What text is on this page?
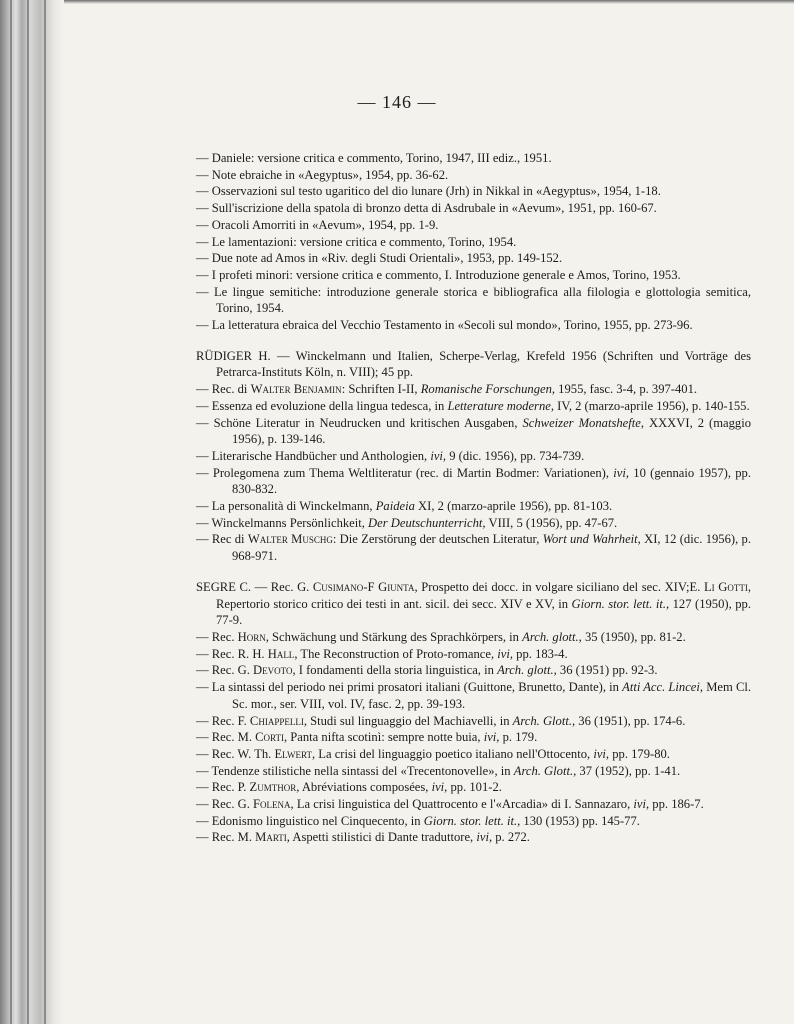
— 146 —
— Daniele: versione critica e commento, Torino, 1947, III ediz., 1951.
— Note ebraiche in «Aegyptus», 1954, pp. 36-62.
— Osservazioni sul testo ugaritico del dio lunare (Jrh) in Nikkal in «Aegyptus», 1954, 1-18.
— Sull'iscrizione della spatola di bronzo detta di Asdrubale in «Aevum», 1951, pp. 160-67.
— Oracoli Amorriti in «Aevum», 1954, pp. 1-9.
— Le lamentazioni: versione critica e commento, Torino, 1954.
— Due note ad Amos in «Riv. degli Studi Orientali», 1953, pp. 149-152.
— I profeti minori: versione critica e commento, I. Introduzione generale e Amos, Torino, 1953.
— Le lingue semitiche: introduzione generale storica e bibliografica alla filologia e glottologia semitica, Torino, 1954.
— La letteratura ebraica del Vecchio Testamento in «Secoli sul mondo», Torino, 1955, pp. 273-96.
RÜDIGER H. — Winckelmann und Italien, Scherpe-Verlag, Krefeld 1956 (Schriften und Vorträge des Petrarca-Instituts Köln, n. VIII); 45 pp.
— Rec. di Walter Benjamin: Schriften I-II, Romanische Forschungen, 1955, fasc. 3-4, p. 397-401.
— Essenza ed evoluzione della lingua tedesca, in Letterature moderne, IV, 2 (marzo-aprile 1956), p. 140-155.
— Schöne Literatur in Neudrucken und kritischen Ausgaben, Schweizer Monatshefte, XXXVI, 2 (maggio 1956), p. 139-146.
— Literarische Handbücher und Anthologien, ivi, 9 (dic. 1956), pp. 734-739.
— Prolegomena zum Thema Weltliteratur (rec. di Martin Bodmer: Variationen), ivi, 10 (gennaio 1957), pp. 830-832.
— La personalità di Winckelmann, Paideia XI, 2 (marzo-aprile 1956), pp. 81-103.
— Winckelmanns Persönlichkeit, Der Deutschunterricht, VIII, 5 (1956), pp. 47-67.
— Rec di Walter Muschg: Die Zerstörung der deutschen Literatur, Wort und Wahrheit, XI, 12 (dic. 1956), p. 968-971.
SEGRE C. — Rec. G. Cusimano-F Giunta, Prospetto dei docc. in volgare siciliano del sec. XIV;E. Li Gotti, Repertorio storico critico dei testi in ant. sicil. dei secc. XIV e XV, in Giorn. stor. lett. it., 127 (1950), pp. 77-9.
— Rec. Horn, Schwächung und Stärkung des Sprachkörpers, in Arch. glott., 35 (1950), pp. 81-2.
— Rec. R. H. Hall, The Reconstruction of Proto-romance, ivi, pp. 183-4.
— Rec. G. Devoto, I fondamenti della storia linguistica, in Arch. glott., 36 (1951) pp. 92-3.
— La sintassi del periodo nei primi prosatori italiani (Guittone, Brunetto, Dante), in Atti Acc. Lincei, Mem Cl. Sc. mor., ser. VIII, vol. IV, fasc. 2, pp. 39-193.
— Rec. F. Chiappelli, Studi sul linguaggio del Machiavelli, in Arch. Glott., 36 (1951), pp. 174-6.
— Rec. M. Corti, Panta nifta scotinì: sempre notte buia, ivi, p. 179.
— Rec. W. Th. Elwert, La crisi del linguaggio poetico italiano nell'Ottocento, ivi, pp. 179-80.
— Tendenze stilistiche nella sintassi del «Trecentonovelle», in Arch. Glott., 37 (1952), pp. 1-41.
— Rec. P. Zumthor, Abréviations composées, ivi, pp. 101-2.
— Rec. G. Folena, La crisi linguistica del Quattrocento e l'«Arcadia» di I. Sannazaro, ivi, pp. 186-7.
— Edonismo linguistico nel Cinquecento, in Giorn. stor. lett. it., 130 (1953) pp. 145-77.
— Rec. M. Marti, Aspetti stilistici di Dante traduttore, ivi, p. 272.
